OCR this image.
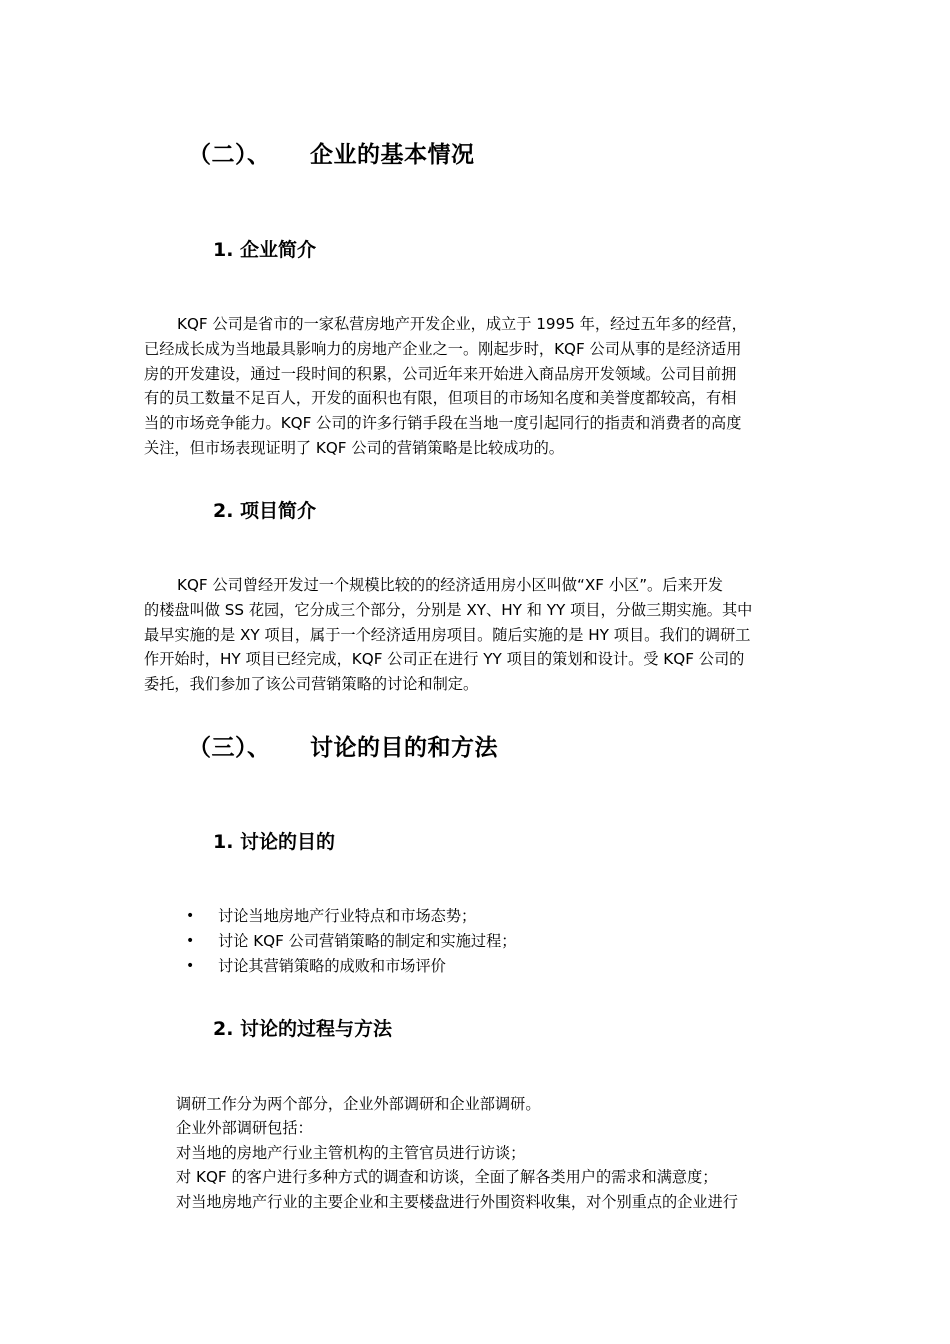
（二）、 企业的基本情况
1. 企业简介
KQF 公司是省市的一家私营房地产开发企业，成立于 1995 年，经过五年多的经营，
已经成长成为当地最具影响力的房地产企业之一。刚起步时，KQF 公司从事的是经济适用
房的开发建设，通过一段时间的积累，公司近年来开始进入商品房开发领域。公司目前拥
有的员工数量不足百人，开发的面积也有限，但项目的市场知名度和美誉度都较高，有相
当的市场竞争能力。KQF 公司的许多行销手段在当地一度引起同行的指责和消费者的高度
关注，但市场表现证明了 KQF 公司的营销策略是比较成功的。
2. 项目简介
KQF 公司曾经开发过一个规模比较的的经济适用房小区叫做“XF 小区”。后来开发
的楼盘叫做 SS 花园，它分成三个部分，分别是 XY、HY 和 YY 项目，分做三期实施。其中
最早实施的是 XY 项目，属于一个经济适用房项目。随后实施的是 HY 项目。我们的调研工
作开始时，HY 项目已经完成，KQF 公司正在进行 YY 项目的策划和设计。受 KQF 公司的
委托，我们参加了该公司营销策略的讨论和制定。
（三）、 讨论的目的和方法
1. 讨论的目的
• 讨论当地房地产行业特点和市场态势；
• 讨论 KQF 公司营销策略的制定和实施过程；
• 讨论其营销策略的成败和市场评价
2. 讨论的过程与方法
调研工作分为两个部分，企业外部调研和企业部调研。
企业外部调研包括：
对当地的房地产行业主管机构的主管官员进行访谈；
对 KQF 的客户进行多种方式的调查和访谈，全面了解各类用户的需求和满意度；
对当地房地产行业的主要企业和主要楼盘进行外围资料收集，对个别重点的企业进行
